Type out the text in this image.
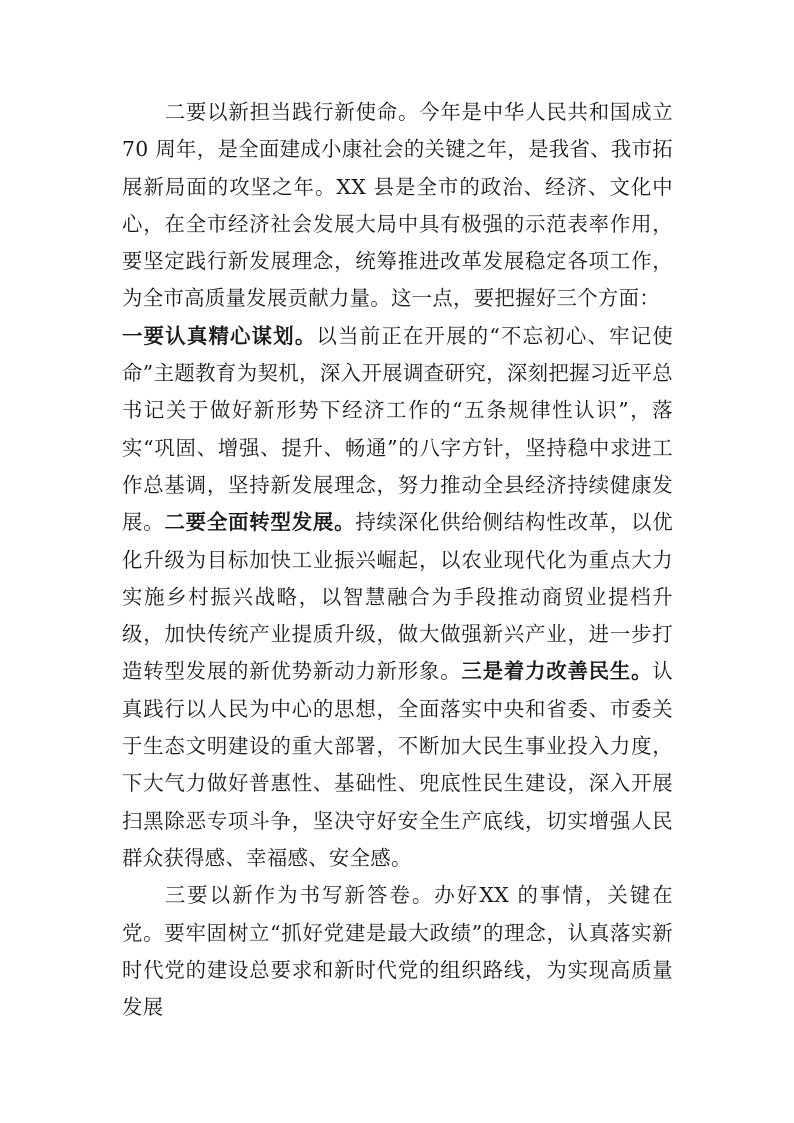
二要以新担当践行新使命。今年是中华人民共和国成立70 周年，是全面建成小康社会的关键之年，是我省、我市拓展新局面的攻坚之年。XX 县是全市的政治、经济、文化中心，在全市经济社会发展大局中具有极强的示范表率作用，要坚定践行新发展理念，统筹推进改革发展稳定各项工作，为全市高质量发展贡献力量。这一点，要把握好三个方面：

一要认真精心谋划。以当前正在开展的“不忘初心、牢记使命”主题教育为契机，深入开展调查研究，深刻把握习近平总书记关于做好新形势下经济工作的“五条规律性认识”，落实“巩固、增强、提升、畅通”的八字方针，坚持稳中求进工作总基调，坚持新发展理念，努力推动全县经济持续健康发展。二要全面转型发展。持续深化供给侧结构性改革，以优化升级为目标加快工业振兴崛起，以农业现代化为重点大力实施乡村振兴战略，以智慧融合为手段推动商贸业提档升级，加快传统产业提质升级，做大做强新兴产业，进一步打造转型发展的新优势新动力新形象。三是着力改善民生。认真践行以人民为中心的思想，全面落实中央和省委、市委关于生态文明建设的重大部署，不断加大民生事业投入力度，下大气力做好普惠性、基础性、兜底性民生建设，深入开展扫黑除恶专项斗争，坚决守好安全生产底线，切实增强人民群众获得感、幸福感、安全感。

三要以新作为书写新答卷。办好XX 的事情，关键在党。要牢固树立“抓好党建是最大政绩”的理念，认真落实新时代党的建设总要求和新时代党的组织路线，为实现高质量发展
